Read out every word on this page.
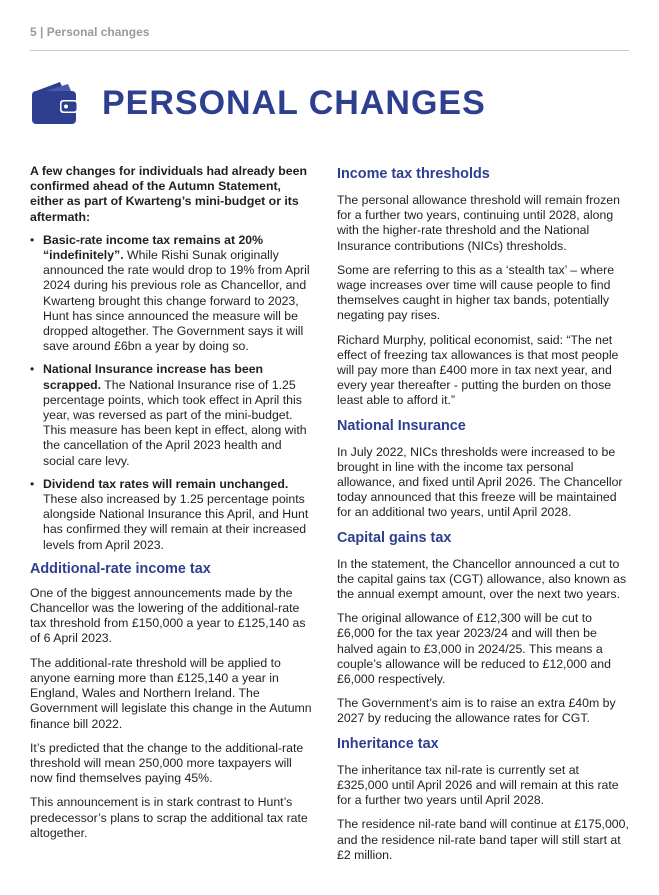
5 | Personal changes
PERSONAL CHANGES

A few changes for individuals had already been confirmed ahead of the Autumn Statement, either as part of Kwarteng’s mini-budget or its aftermath:

• Basic-rate income tax remains at 20% “indefinitely”. While Rishi Sunak originally announced the rate would drop to 19% from April 2024 during his previous role as Chancellor, and Kwarteng brought this change forward to 2023, Hunt has since announced the measure will be dropped altogether. The Government says it will save around £6bn a year by doing so.
• National Insurance increase has been scrapped. The National Insurance rise of 1.25 percentage points, which took effect in April this year, was reversed as part of the mini-budget. This measure has been kept in effect, along with the cancellation of the April 2023 health and social care levy.
• Dividend tax rates will remain unchanged. These also increased by 1.25 percentage points alongside National Insurance this April, and Hunt has confirmed they will remain at their increased levels from April 2023.
Additional-rate income tax

One of the biggest announcements made by the Chancellor was the lowering of the additional-rate tax threshold from £150,000 a year to £125,140 as of 6 April 2023.

The additional-rate threshold will be applied to anyone earning more than £125,140 a year in England, Wales and Northern Ireland. The Government will legislate this change in the Autumn finance bill 2022.

It’s predicted that the change to the additional-rate threshold will mean 250,000 more taxpayers will now find themselves paying 45%.

This announcement is in stark contrast to Hunt’s predecessor’s plans to scrap the additional tax rate altogether.

Income tax thresholds

The personal allowance threshold will remain frozen for a further two years, continuing until 2028, along with the higher-rate threshold and the National Insurance contributions (NICs) thresholds.

Some are referring to this as a ‘stealth tax’ – where wage increases over time will cause people to find themselves caught in higher tax bands, potentially negating pay rises.

Richard Murphy, political economist, said: “The net effect of freezing tax allowances is that most people will pay more than £400 more in tax next year, and every year thereafter - putting the burden on those least able to afford it.”

National Insurance

In July 2022, NICs thresholds were increased to be brought in line with the income tax personal allowance, and fixed until April 2026. The Chancellor today announced that this freeze will be maintained for an additional two years, until April 2028.

Capital gains tax

In the statement, the Chancellor announced a cut to the capital gains tax (CGT) allowance, also known as the annual exempt amount, over the next two years.

The original allowance of £12,300 will be cut to £6,000 for the tax year 2023/24 and will then be halved again to £3,000 in 2024/25. This means a couple’s allowance will be reduced to £12,000 and £6,000 respectively.

The Government’s aim is to raise an extra £40m by 2027 by reducing the allowance rates for CGT.

Inheritance tax

The inheritance tax nil-rate is currently set at £325,000 until April 2026 and will remain at this rate for a further two years until April 2028.

The residence nil-rate band will continue at £175,000, and the residence nil-rate band taper will still start at £2 million.
